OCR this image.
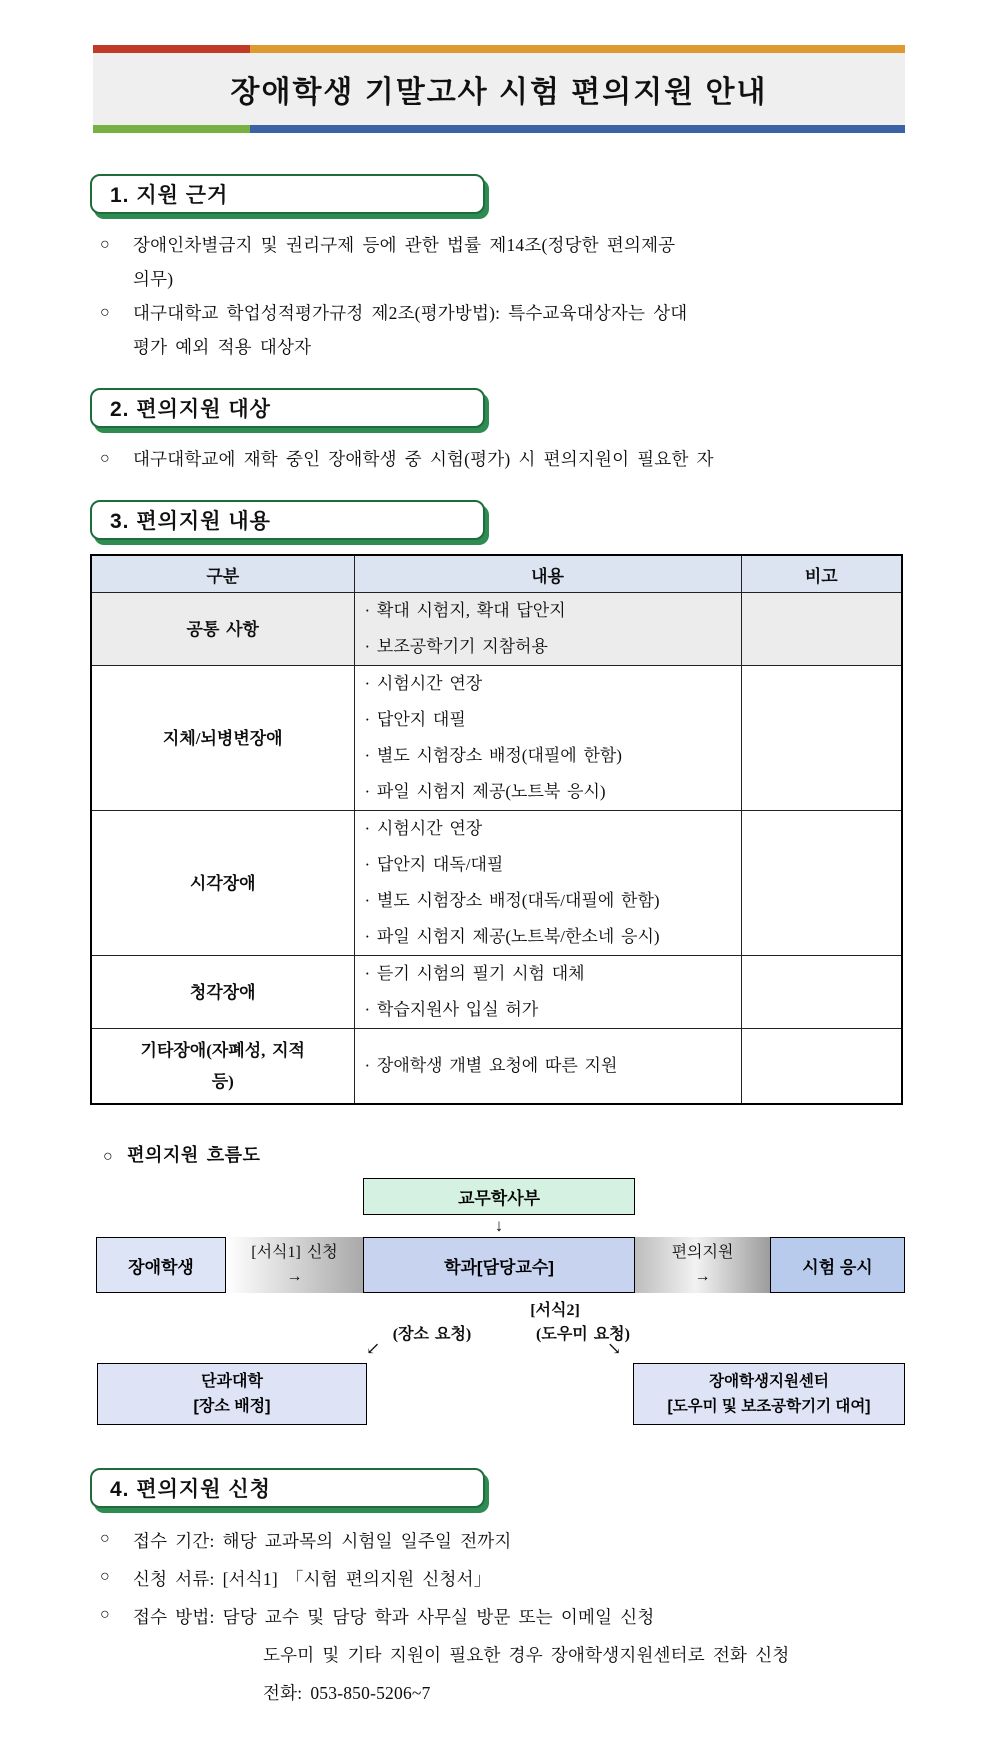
장애학생 기말고사 시험 편의지원 안내
1. 지원 근거
○	장애인차별금지 및 권리구제 등에 관한 법률 제14조(정당한 편의제공
의무)
○	대구대학교 학업성적평가규정 제2조(평가방법): 특수교육대상자는 상대
평가 예외 적용 대상자
2. 편의지원 대상
○	대구대학교에 재학 중인 장애학생 중 시험(평가) 시 편의지원이 필요한 자
3. 편의지원 내용
구분	내용	비고

공통 사항	· 확대 시험지, 확대 답안지
· 보조공학기기 지참허용	

지체/뇌병변장애	· 시험시간 연장
· 답안지 대필
· 별도 시험장소 배정(대필에 한함)
· 파일 시험지 제공(노트북 응시)	

시각장애	· 시험시간 연장
· 답안지 대독/대필
· 별도 시험장소 배정(대독/대필에 한함)
· 파일 시험지 제공(노트북/한소네 응시)	

청각장애	· 듣기 시험의 필기 시험 대체
· 학습지원사 입실 허가	

기타장애(자폐성, 지적
등)	· 장애학생 개별 요청에 따른 지원	

○ 편의지원 흐름도
교무학사부
↓
장애학생
[서식1] 신청
→	학과[담당교수]
편의지원
→	시험 응시
[서식2]
(장소 요청)	(도우미 요청)
↙	↘
단과대학
[장소 배정]
장애학생지원센터
[도우미 및 보조공학기기 대여]
4. 편의지원 신청
○	접수 기간: 해당 교과목의 시험일 일주일 전까지
○	신청 서류: [서식1] 「시험 편의지원 신청서」
○	접수 방법: 담당 교수 및 담당 학과 사무실 방문 또는 이메일 신청
도우미 및 기타 지원이 필요한 경우 장애학생지원센터로 전화 신청
전화: 053-850-5206~7
